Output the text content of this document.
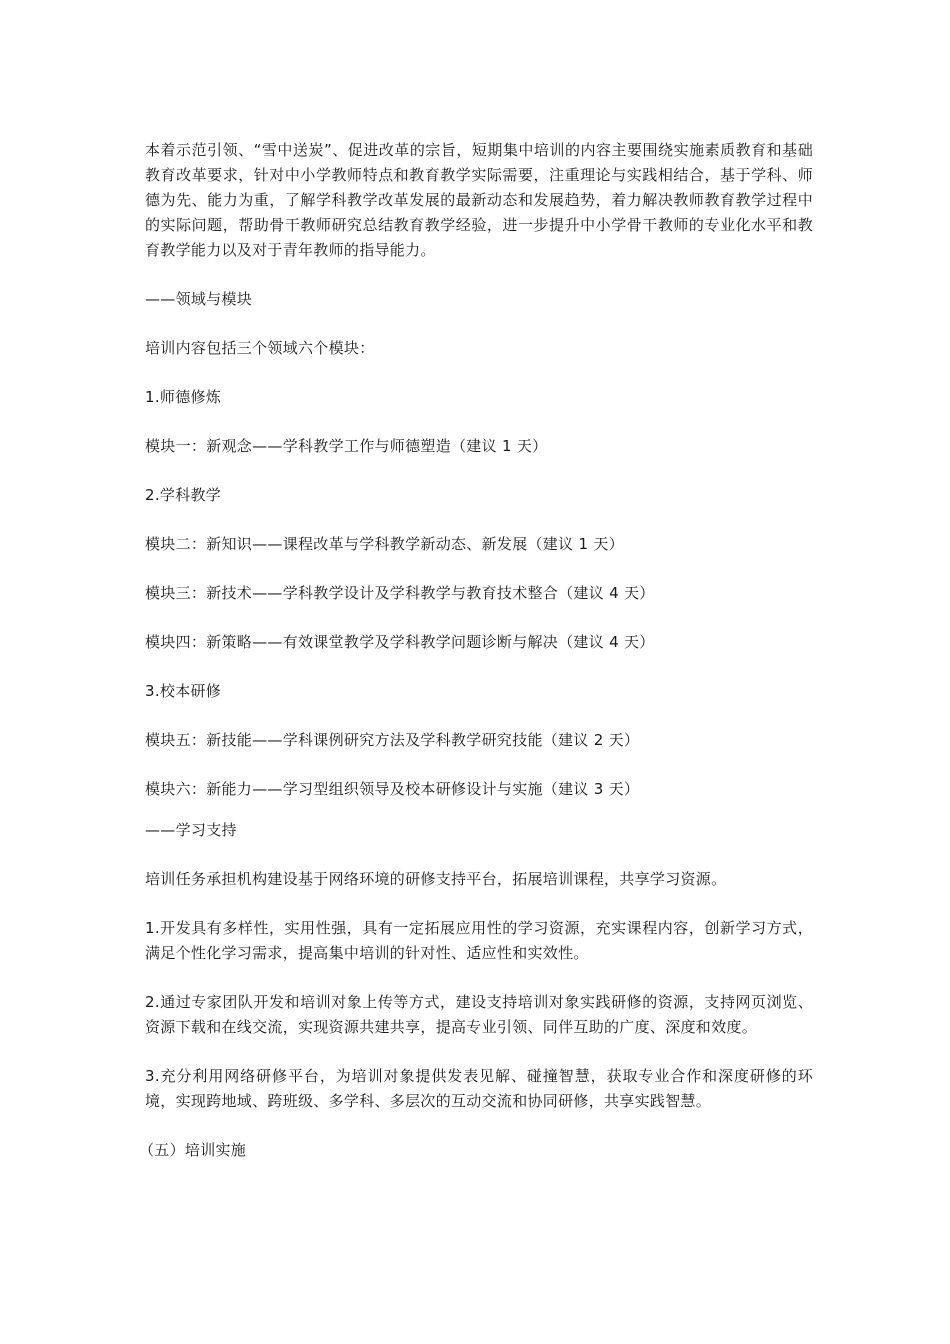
本着示范引领、“雪中送炭”、促进改革的宗旨，短期集中培训的内容主要围绕实施素质教育和基础教育改革要求，针对中小学教师特点和教育教学实际需要，注重理论与实践相结合，基于学科、师德为先、能力为重，了解学科教学改革发展的最新动态和发展趋势，着力解决教师教育教学过程中的实际问题，帮助骨干教师研究总结教育教学经验，进一步提升中小学骨干教师的专业化水平和教育教学能力以及对于青年教师的指导能力。

——领域与模块

培训内容包括三个领域六个模块：

1.师德修炼

模块一：新观念——学科教学工作与师德塑造（建议 1 天）

2.学科教学

模块二：新知识——课程改革与学科教学新动态、新发展（建议 1 天）

模块三：新技术——学科教学设计及学科教学与教育技术整合（建议 4 天）

模块四：新策略——有效课堂教学及学科教学问题诊断与解决（建议 4 天）

3.校本研修

模块五：新技能——学科课例研究方法及学科教学研究技能（建议 2 天）

模块六：新能力——学习型组织领导及校本研修设计与实施（建议 3 天）

——学习支持

培训任务承担机构建设基于网络环境的研修支持平台，拓展培训课程，共享学习资源。

1.开发具有多样性，实用性强，具有一定拓展应用性的学习资源，充实课程内容，创新学习方式，满足个性化学习需求，提高集中培训的针对性、适应性和实效性。

2.通过专家团队开发和培训对象上传等方式，建设支持培训对象实践研修的资源，支持网页浏览、资源下载和在线交流，实现资源共建共享，提高专业引领、同伴互助的广度、深度和效度。

3.充分利用网络研修平台，为培训对象提供发表见解、碰撞智慧，获取专业合作和深度研修的环境，实现跨地域、跨班级、多学科、多层次的互动交流和协同研修，共享实践智慧。

（五）培训实施
